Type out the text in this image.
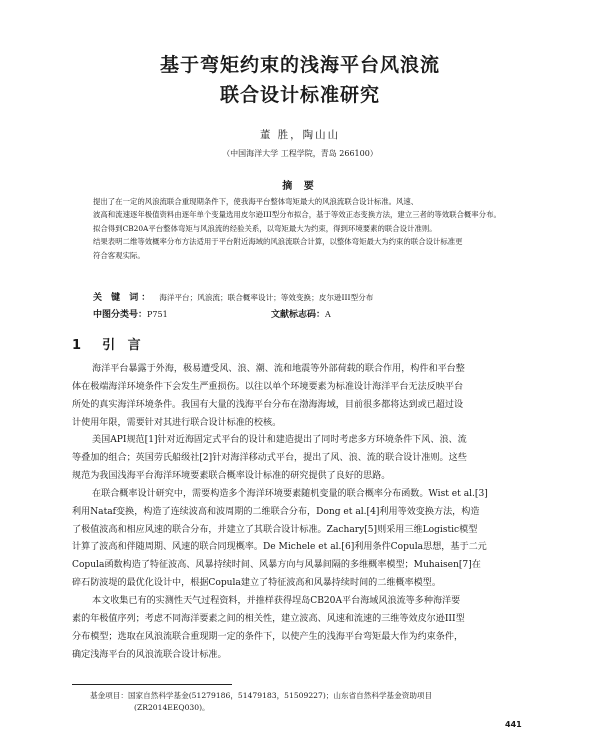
基于弯矩约束的浅海平台风浪流
联合设计标准研究
董 胜，陶山山
（中国海洋大学 工程学院，青岛 266100）
摘 要
提出了在一定的风浪流联合重现期条件下，使我海平台整体弯矩最大的风浪流联合设计标准。风速、
波高和流速逐年极值资料由逐年单个变量选用皮尔逊III型分布拟合，基于等效正态变换方法，建立三者的等效联合概率分布。
拟合得到CB20A平台整体弯矩与风浪流的经验关系，以弯矩最大为约束，得到环境要素的联合设计准则。
结果表明二维等效概率分布方法适用于平台附近海域的风浪流联合计算，以整体弯矩最大为约束的联合设计标准更
符合客观实际。
关 键 词： 海洋平台；风浪流；联合概率设计；等效变换；皮尔逊III型分布
中图分类号：P751	文献标志码：A
1 引 言
海洋平台暴露于外海，极易遭受风、浪、潮、流和地震等外部荷载的联合作用，构件和平台整
体在极端海洋环境条件下会发生严重损伤。以往以单个环境要素为标准设计海洋平台无法反映平台
所处的真实海洋环境条件。我国有大量的浅海平台分布在渤海海域，目前很多都将达到或已超过设
计使用年限，需要针对其进行联合设计标准的校核。
美国API规范[1]针对近海固定式平台的设计和建造提出了同时考虑多方环境条件下风、浪、流
等叠加的组合；英国劳氏船级社[2]针对海洋移动式平台，提出了风、浪、流的联合设计准则。这些
规范为我国浅海平台海洋环境要素联合概率设计标准的研究提供了良好的思路。
在联合概率设计研究中，需要构造多个海洋环境要素随机变量的联合概率分布函数。Wist et al.[3]
利用Nataf变换，构造了连续波高和波周期的二维联合分布，Dong et al.[4]利用等效变换方法，构造
了极值波高和相应风速的联合分布，并建立了其联合设计标准。Zachary[5]则采用三维Logistic模型
计算了波高和伴随周期、风速的联合同现概率。De Michele et al.[6]利用条件Copula思想，基于二元
Copula函数构造了特征波高、风暴持续时间、风暴方向与风暴间隔的多维概率模型；Muhaisen[7]在
碎石防波堤的最优化设计中，根据Copula建立了特征波高和风暴持续时间的二维概率模型。
本文收集已有的实测性天气过程资料，并推样获得埕岛CB20A平台海域风浪流等多种海洋要
素的年极值序列；考虑不同海洋要素之间的相关性，建立波高、风速和流速的三维等效皮尔逊III型
分布模型；选取在风浪流联合重现期一定的条件下，以使产生的浅海平台弯矩最大作为约束条件，
确定浅海平台的风浪流联合设计标准。
基金项目：国家自然科学基金(51279186，51479183，51509227)；山东省自然科学基金资助项目
(ZR2014EEQ030)。
441
